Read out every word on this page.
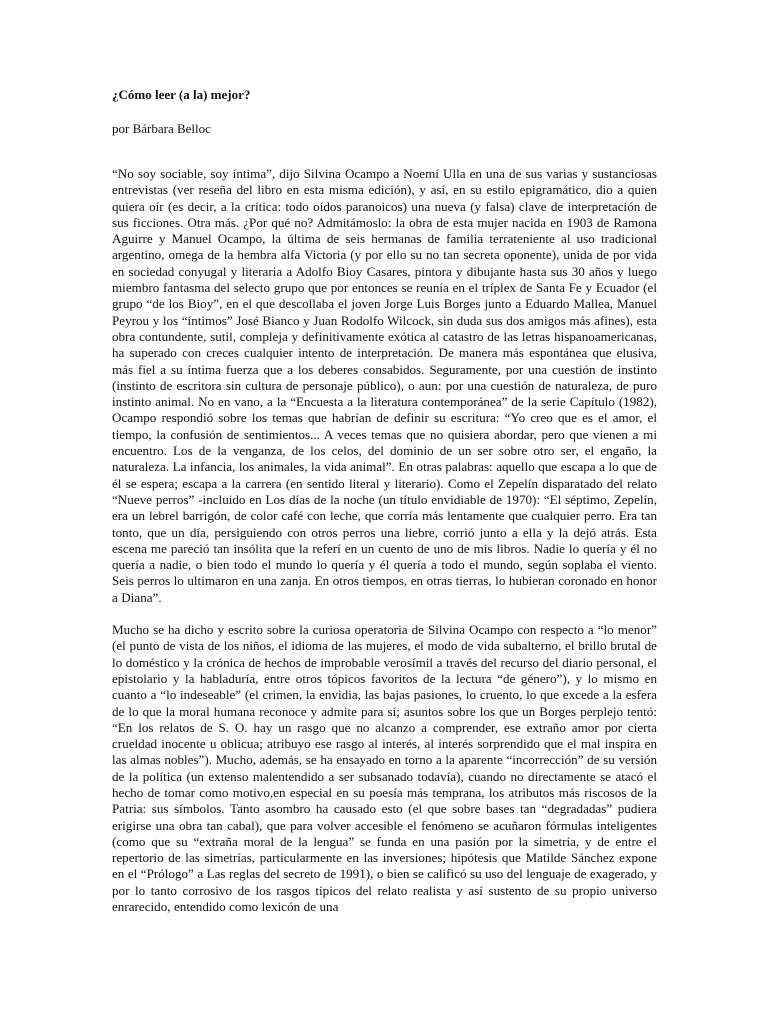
¿Cómo leer (a la) mejor?

por Bárbara Belloc

“No soy sociable, soy íntima”, dijo Silvina Ocampo a Noemí Ulla en una de sus varias y sustanciosas entrevistas (ver reseña del libro en esta misma edición), y así, en su estilo epigramático, dio a quien quiera oír (es decir, a la crítica: todo oídos paranoicos) una nueva (y falsa) clave de interpretación de sus ficciones. Otra más. ¿Por qué no? Admitámoslo: la obra de esta mujer nacida en 1903 de Ramona Aguirre y Manuel Ocampo, la última de seis hermanas de familia terrateniente al uso tradicional argentino, omega de la hembra alfa Victoria (y por ello su no tan secreta oponente), unida de por vida en sociedad conyugal y literaria a Adolfo Bioy Casares, pintora y dibujante hasta sus 30 años y luego miembro fantasma del selecto grupo que por entonces se reunía en el tríplex de Santa Fe y Ecuador (el grupo “de los Bioy”, en el que descollaba el joven Jorge Luis Borges junto a Eduardo Mallea, Manuel Peyrou y los “íntimos” José Bianco y Juan Rodolfo Wilcock, sin duda sus dos amigos más afines), esta obra contundente, sutil, compleja y definitivamente exótica al catastro de las letras hispanoamericanas, ha superado con creces cualquier intento de interpretación. De manera más espontánea que elusiva, más fiel a su íntima fuerza que a los deberes consabidos. Seguramente, por una cuestión de instinto (instinto de escritora sin cultura de personaje público), o aun: por una cuestión de naturaleza, de puro instinto animal. No en vano, a la “Encuesta a la literatura contemporánea” de la serie Capítulo (1982), Ocampo respondió sobre los temas que habrían de definir su escritura: “Yo creo que es el amor, el tiempo, la confusión de sentimientos... A veces temas que no quisiera abordar, pero que vienen a mi encuentro. Los de la venganza, de los celos, del dominio de un ser sobre otro ser, el engaño, la naturaleza. La infancia, los animales, la vida animal”. En otras palabras: aquello que escapa a lo que de él se espera; escapa a la carrera (en sentido literal y literario). Como el Zepelín disparatado del relato “Nueve perros” -incluido en Los días de la noche (un título envidiable de 1970): “El séptimo, Zepelín, era un lebrel barrigón, de color café con leche, que corría más lentamente que cualquier perro. Era tan tonto, que un día, persiguiendo con otros perros una liebre, corrió junto a ella y la dejó atrás. Esta escena me pareció tan insólita que la referí en un cuento de uno de mis libros. Nadie lo quería y él no quería a nadie, o bien todo el mundo lo quería y él quería a todo el mundo, según soplaba el viento. Seis perros lo ultimaron en una zanja. En otros tiempos, en otras tierras, lo hubieran coronado en honor a Diana”.

Mucho se ha dicho y escrito sobre la curiosa operatoria de Silvina Ocampo con respecto a “lo menor” (el punto de vista de los niños, el idioma de las mujeres, el modo de vida subalterno, el brillo brutal de lo doméstico y la crónica de hechos de improbable verosímil a través del recurso del diario personal, el epistolario y la habladuría, entre otros tópicos favoritos de la lectura “de género”), y lo mismo en cuanto a “lo indeseable” (el crimen, la envidia, las bajas pasiones, lo cruento, lo que excede a la esfera de lo que la moral humana reconoce y admite para sí; asuntos sobre los que un Borges perplejo tentó: “En los relatos de S. O. hay un rasgo que no alcanzo a comprender, ese extraño amor por cierta crueldad inocente u oblicua; atribuyo ese rasgo al interés, al interés sorprendido que el mal inspira en las almas nobles”). Mucho, además, se ha ensayado en torno a la aparente “incorrección” de su versión de la política (un extenso malentendido a ser subsanado todavía), cuando no directamente se atacó el hecho de tomar como motivo,en especial en su poesía más temprana, los atributos más riscosos de la Patria: sus símbolos. Tanto asombro ha causado esto (el que sobre bases tan “degradadas” pudiera erigirse una obra tan cabal), que para volver accesible el fenómeno se acuñaron fórmulas inteligentes (como que su “extraña moral de la lengua” se funda en una pasión por la simetría, y de entre el repertorio de las simetrías, particularmente en las inversiones; hipótesis que Matilde Sánchez expone en el “Prólogo” a Las reglas del secreto de 1991), o bien se calificó su uso del lenguaje de exagerado, y por lo tanto corrosivo de los rasgos típicos del relato realista y así sustento de su propio universo enrarecido, entendido como lexicón de una
